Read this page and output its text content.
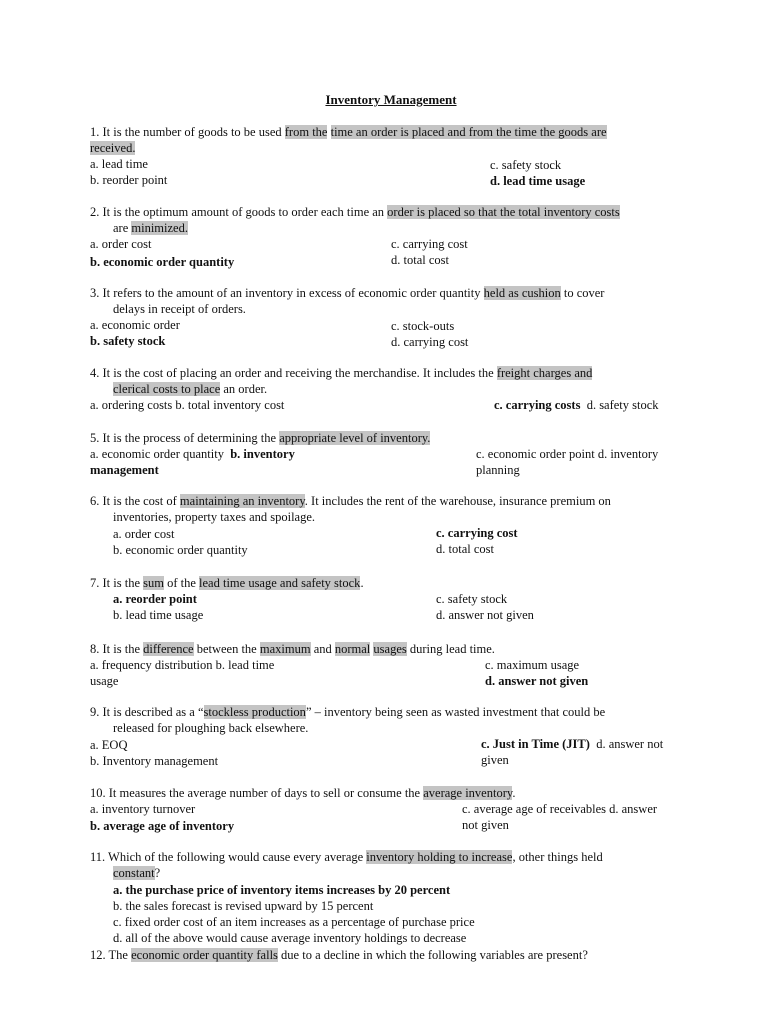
Inventory Management
1. It is the number of goods to be used from the time an order is placed and from the time the goods are
received.
a. lead time	c. safety stock
b. reorder point	d. lead time usage
2. It is the optimum amount of goods to order each time an order is placed so that the total inventory costs
are minimized.
a. order cost	c. carrying cost
b. economic order quantity	d. total cost
3. It refers to the amount of an inventory in excess of economic order quantity held as cushion to cover
delays in receipt of orders.
a. economic order	c. stock-outs
b. safety stock	d. carrying cost
4. It is the cost of placing an order and receiving the merchandise. It includes the freight charges and
clerical costs to place an order.
a. ordering costs b. total inventory cost	c. carrying costs  d. safety stock
5. It is the process of determining the appropriate level of inventory.
a. economic order quantity  b. inventory	c. economic order point d. inventory
management	planning
6. It is the cost of maintaining an inventory. It includes the rent of the warehouse, insurance premium on
inventories, property taxes and spoilage.
a. order cost	c. carrying cost
b. economic order quantity	d. total cost
7. It is the sum of the lead time usage and safety stock.
a. reorder point	c. safety stock
b. lead time usage	d. answer not given
8. It is the difference between the maximum and normal usages during lead time.
a. frequency distribution b. lead time	c. maximum usage
usage	d. answer not given
9. It is described as a “stockless production” – inventory being seen as wasted investment that could be
released for ploughing back elsewhere.
a. EOQ	c. Just in Time (JIT)  d. answer not
b. Inventory management	given
10. It measures the average number of days to sell or consume the average inventory.
a. inventory turnover	c. average age of receivables d. answer
b. average age of inventory	not given
11. Which of the following would cause every average inventory holding to increase, other things held
constant?
a. the purchase price of inventory items increases by 20 percent
b. the sales forecast is revised upward by 15 percent
c. fixed order cost of an item increases as a percentage of purchase price
d. all of the above would cause average inventory holdings to decrease
12. The economic order quantity falls due to a decline in which the following variables are present?
